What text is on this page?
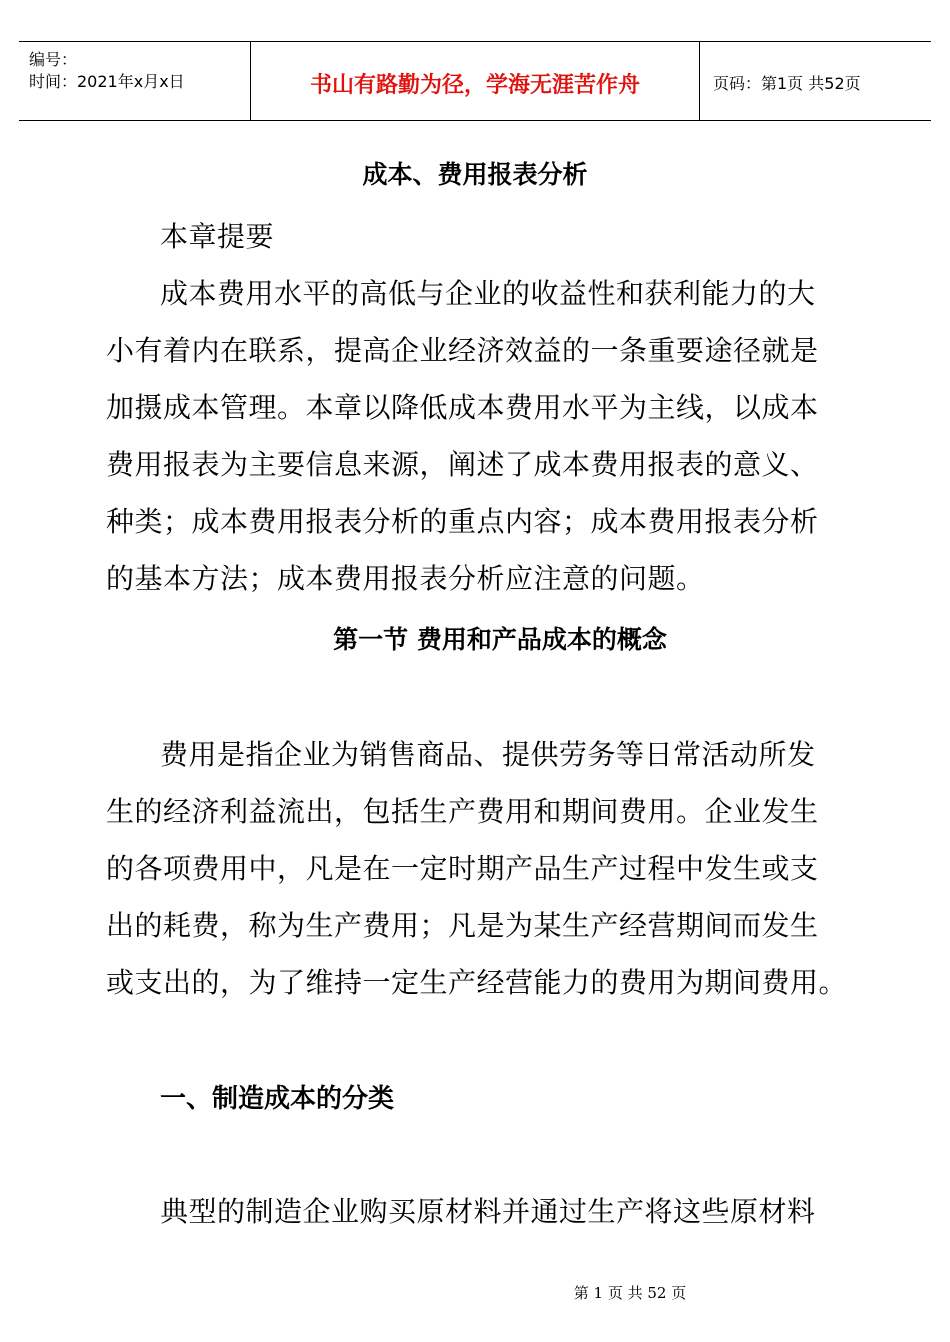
编号：
时间：2021年x月x日	书山有路勤为径，学海无涯苦作舟	页码：第1页 共52页
成本、费用报表分析
本章提要
成本费用水平的高低与企业的收益性和获利能力的大
小有着内在联系，提高企业经济效益的一条重要途径就是
加摄成本管理。本章以降低成本费用水平为主线，以成本
费用报表为主要信息来源，阐述了成本费用报表的意义、
种类；成本费用报表分析的重点内容；成本费用报表分析
的基本方法；成本费用报表分析应注意的问题。
第一节 费用和产品成本的概念
费用是指企业为销售商品、提供劳务等日常活动所发
生的经济利益流出，包括生产费用和期间费用。企业发生
的各项费用中，凡是在一定时期产品生产过程中发生或支
出的耗费，称为生产费用；凡是为某生产经营期间而发生
或支出的，为了维持一定生产经营能力的费用为期间费用。
一、制造成本的分类
典型的制造企业购买原材料并通过生产将这些原材料
第 1 页 共 52 页
